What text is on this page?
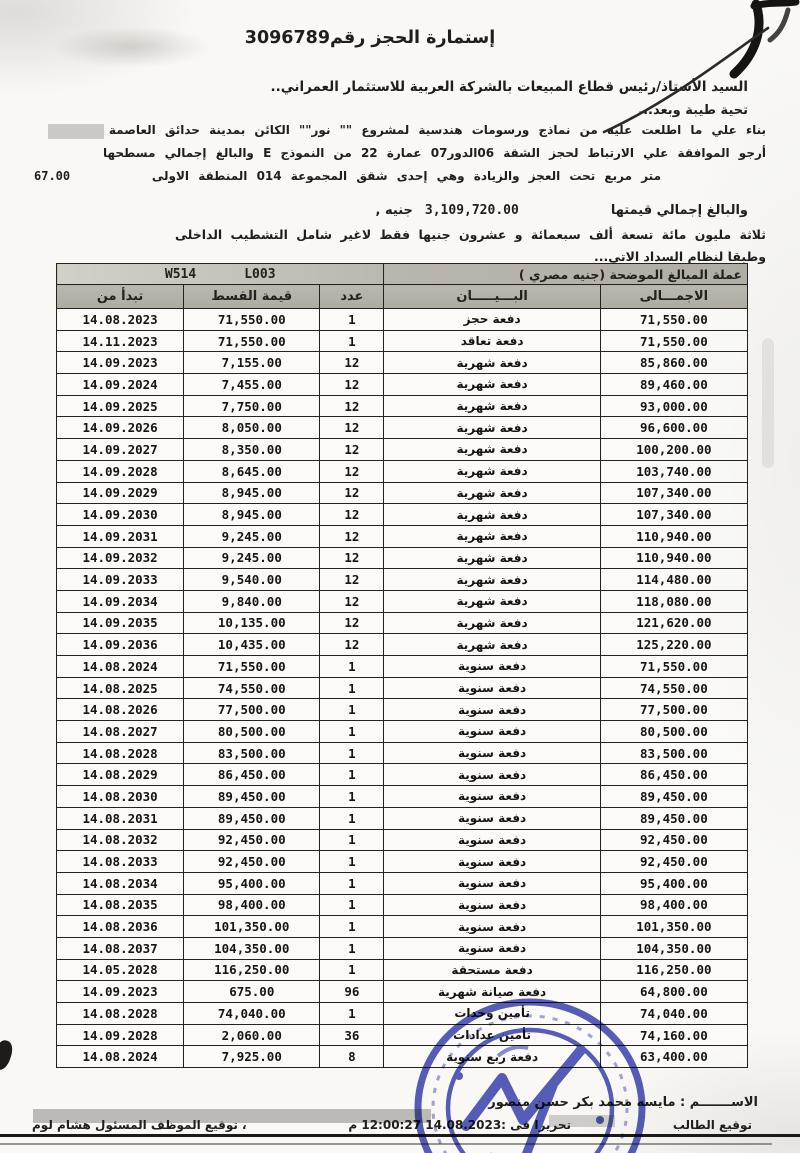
إستمارة الحجز رقم3096789
السيد الأستاذ/رئيس قطاع المبيعات بالشركة العربية للاستثمار العمراني..
تحية طيبة وبعد...
بناء علي ما اطلعت عليه من نماذج ورسومات هندسية لمشروع "" نور"" الكائن بمدينة حدائق العاصمة
أرجو الموافقة علي الارتباط لحجز الشقة 06الدور07 عمارة 22 من النموذج E والبالغ إجمالي مسطحها
متر مربع تحت العجز والزيادة وهي إحدى شقق المجموعة 014 المنطقة الاولى
67.00
والبالغ إجمالي قيمتها
3,109,720.00
جنيه ,
ثلاثة مليون مائة تسعة ألف سبعمائة و عشرون جنيها فقط لاغير شامل التشطيب الداخلى
وطبقا لنظام السداد الاتى...
W514 L003			عملة المبالغ الموضحة (جنيه مصري )	
تبدأ من	قيمة القسط	عدد	البـــيـــــان	الاجمـــالى
14.08.2023	71,550.00	1	دفعة حجز	71,550.00
14.11.2023	71,550.00	1	دفعة تعاقد	71,550.00
14.09.2023	7,155.00	12	دفعة شهرية	85,860.00
14.09.2024	7,455.00	12	دفعة شهرية	89,460.00
14.09.2025	7,750.00	12	دفعة شهرية	93,000.00
14.09.2026	8,050.00	12	دفعة شهرية	96,600.00
14.09.2027	8,350.00	12	دفعة شهرية	100,200.00
14.09.2028	8,645.00	12	دفعة شهرية	103,740.00
14.09.2029	8,945.00	12	دفعة شهرية	107,340.00
14.09.2030	8,945.00	12	دفعة شهرية	107,340.00
14.09.2031	9,245.00	12	دفعة شهرية	110,940.00
14.09.2032	9,245.00	12	دفعة شهرية	110,940.00
14.09.2033	9,540.00	12	دفعة شهرية	114,480.00
14.09.2034	9,840.00	12	دفعة شهرية	118,080.00
14.09.2035	10,135.00	12	دفعة شهرية	121,620.00
14.09.2036	10,435.00	12	دفعة شهرية	125,220.00
14.08.2024	71,550.00	1	دفعة سنوية	71,550.00
14.08.2025	74,550.00	1	دفعة سنوية	74,550.00
14.08.2026	77,500.00	1	دفعة سنوية	77,500.00
14.08.2027	80,500.00	1	دفعة سنوية	80,500.00
14.08.2028	83,500.00	1	دفعة سنوية	83,500.00
14.08.2029	86,450.00	1	دفعة سنوية	86,450.00
14.08.2030	89,450.00	1	دفعة سنوية	89,450.00
14.08.2031	89,450.00	1	دفعة سنوية	89,450.00
14.08.2032	92,450.00	1	دفعة سنوية	92,450.00
14.08.2033	92,450.00	1	دفعة سنوية	92,450.00
14.08.2034	95,400.00	1	دفعة سنوية	95,400.00
14.08.2035	98,400.00	1	دفعة سنوية	98,400.00
14.08.2036	101,350.00	1	دفعة سنوية	101,350.00
14.08.2037	104,350.00	1	دفعة سنوية	104,350.00
14.05.2028	116,250.00	1	دفعة مستحقة	116,250.00
14.09.2023	675.00	96	دفعة صيانة شهرية	64,800.00
14.08.2028	74,040.00	1	تأمين وحدات	74,040.00
14.09.2028	2,060.00	36	تأمين عدادات	74,160.00
14.08.2024	7,925.00	8	دفعة ربع سنوية	63,400.00
الاســـــــم : مايسه محمد بكر حسن منصور
توقيع الطالب
تحريرا فى :14.08.2023 12:00:27 م
، توقيع الموظف المسئول هشام لوم
